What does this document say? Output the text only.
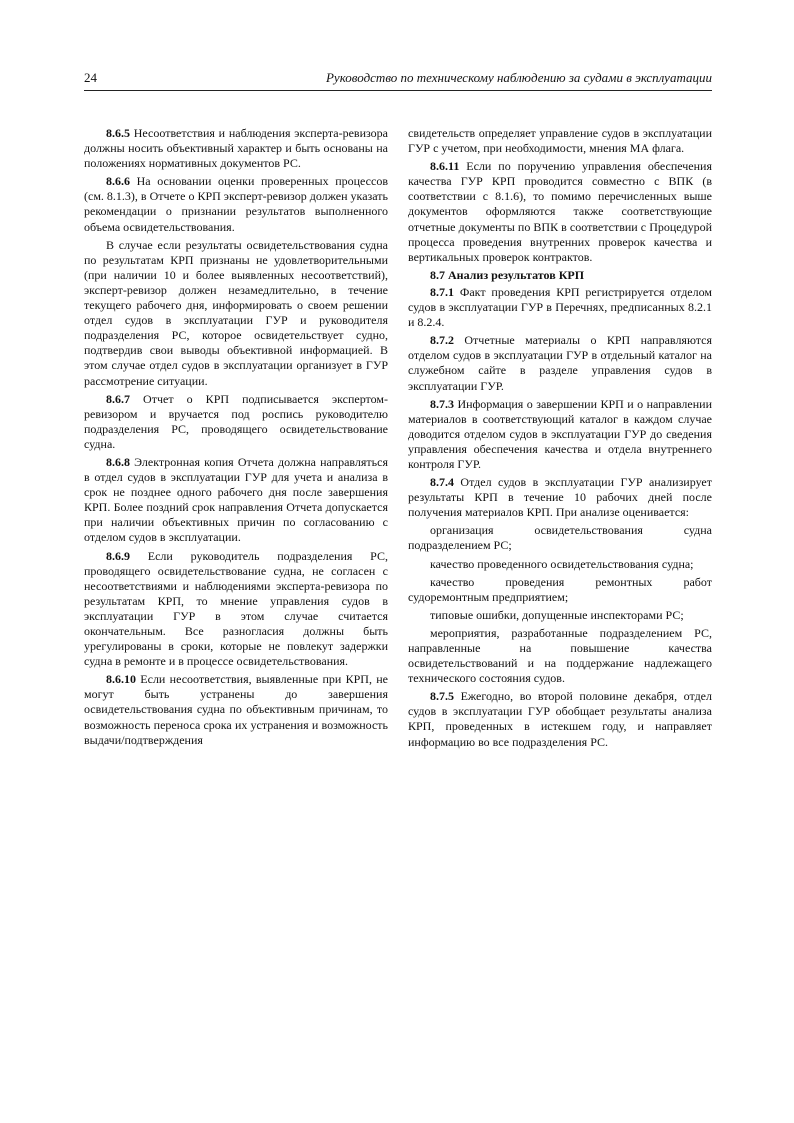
24	Руководство по техническому наблюдению за судами в эксплуатации

8.6.5 Несоответствия и наблюдения эксперта-ревизора должны носить объективный характер и быть основаны на положениях нормативных документов РС.

8.6.6 На основании оценки проверенных процессов (см. 8.1.3), в Отчете о КРП эксперт-ревизор должен указать рекомендации о признании результатов выполненного объема освидетельствования.

В случае если результаты освидетельствования судна по результатам КРП признаны не удовлетворительными (при наличии 10 и более выявленных несоответствий), эксперт-ревизор должен незамедлительно, в течение текущего рабочего дня, информировать о своем решении отдел судов в эксплуатации ГУР и руководителя подразделения РС, которое освидетельствует судно, подтвердив свои выводы объективной информацией. В этом случае отдел судов в эксплуатации организует в ГУР рассмотрение ситуации.

8.6.7 Отчет о КРП подписывается экспертом-ревизором и вручается под роспись руководителю подразделения РС, проводящего освидетельствование судна.

8.6.8 Электронная копия Отчета должна направляться в отдел судов в эксплуатации ГУР для учета и анализа в срок не позднее одного рабочего дня после завершения КРП. Более поздний срок направления Отчета допускается при наличии объективных причин по согласованию с отделом судов в эксплуатации.

8.6.9 Если руководитель подразделения РС, проводящего освидетельствование судна, не согласен с несоответствиями и наблюдениями эксперта-ревизора по результатам КРП, то мнение управления судов в эксплуатации ГУР в этом случае считается окончательным. Все разногласия должны быть урегулированы в сроки, которые не повлекут задержки судна в ремонте и в процессе освидетельствования.

8.6.10 Если несоответствия, выявленные при КРП, не могут быть устранены до завершения освидетельствования судна по объективным причинам, то возможность переноса срока их устранения и возможность выдачи/подтверждения

свидетельств определяет управление судов в эксплуатации ГУР с учетом, при необходимости, мнения МА флага.

8.6.11 Если по поручению управления обеспечения качества ГУР КРП проводится совместно с ВПК (в соответствии с 8.1.6), то помимо перечисленных выше документов оформляются также соответствующие отчетные документы по ВПК в соответствии с Процедурой процесса проведения внутренних проверок качества и вертикальных проверок контрактов.

8.7 Анализ результатов КРП

8.7.1 Факт проведения КРП регистрируется отделом судов в эксплуатации ГУР в Перечнях, предписанных 8.2.1 и 8.2.4.

8.7.2 Отчетные материалы о КРП направляются отделом судов в эксплуатации ГУР в отдельный каталог на служебном сайте в разделе управления судов в эксплуатации ГУР.

8.7.3 Информация о завершении КРП и о направлении материалов в соответствующий каталог в каждом случае доводится отделом судов в эксплуатации ГУР до сведения управления обеспечения качества и отдела внутреннего контроля ГУР.

8.7.4 Отдел судов в эксплуатации ГУР анализирует результаты КРП в течение 10 рабочих дней после получения материалов КРП. При анализе оценивается:

организация освидетельствования судна подразделением РС;

качество проведенного освидетельствования судна;

качество проведения ремонтных работ судоремонтным предприятием;

типовые ошибки, допущенные инспекторами РС;

мероприятия, разработанные подразделением РС, направленные на повышение качества освидетельствований и на поддержание надлежащего технического состояния судов.

8.7.5 Ежегодно, во второй половине декабря, отдел судов в эксплуатации ГУР обобщает результаты анализа КРП, проведенных в истекшем году, и направляет информацию во все подразделения РС.
